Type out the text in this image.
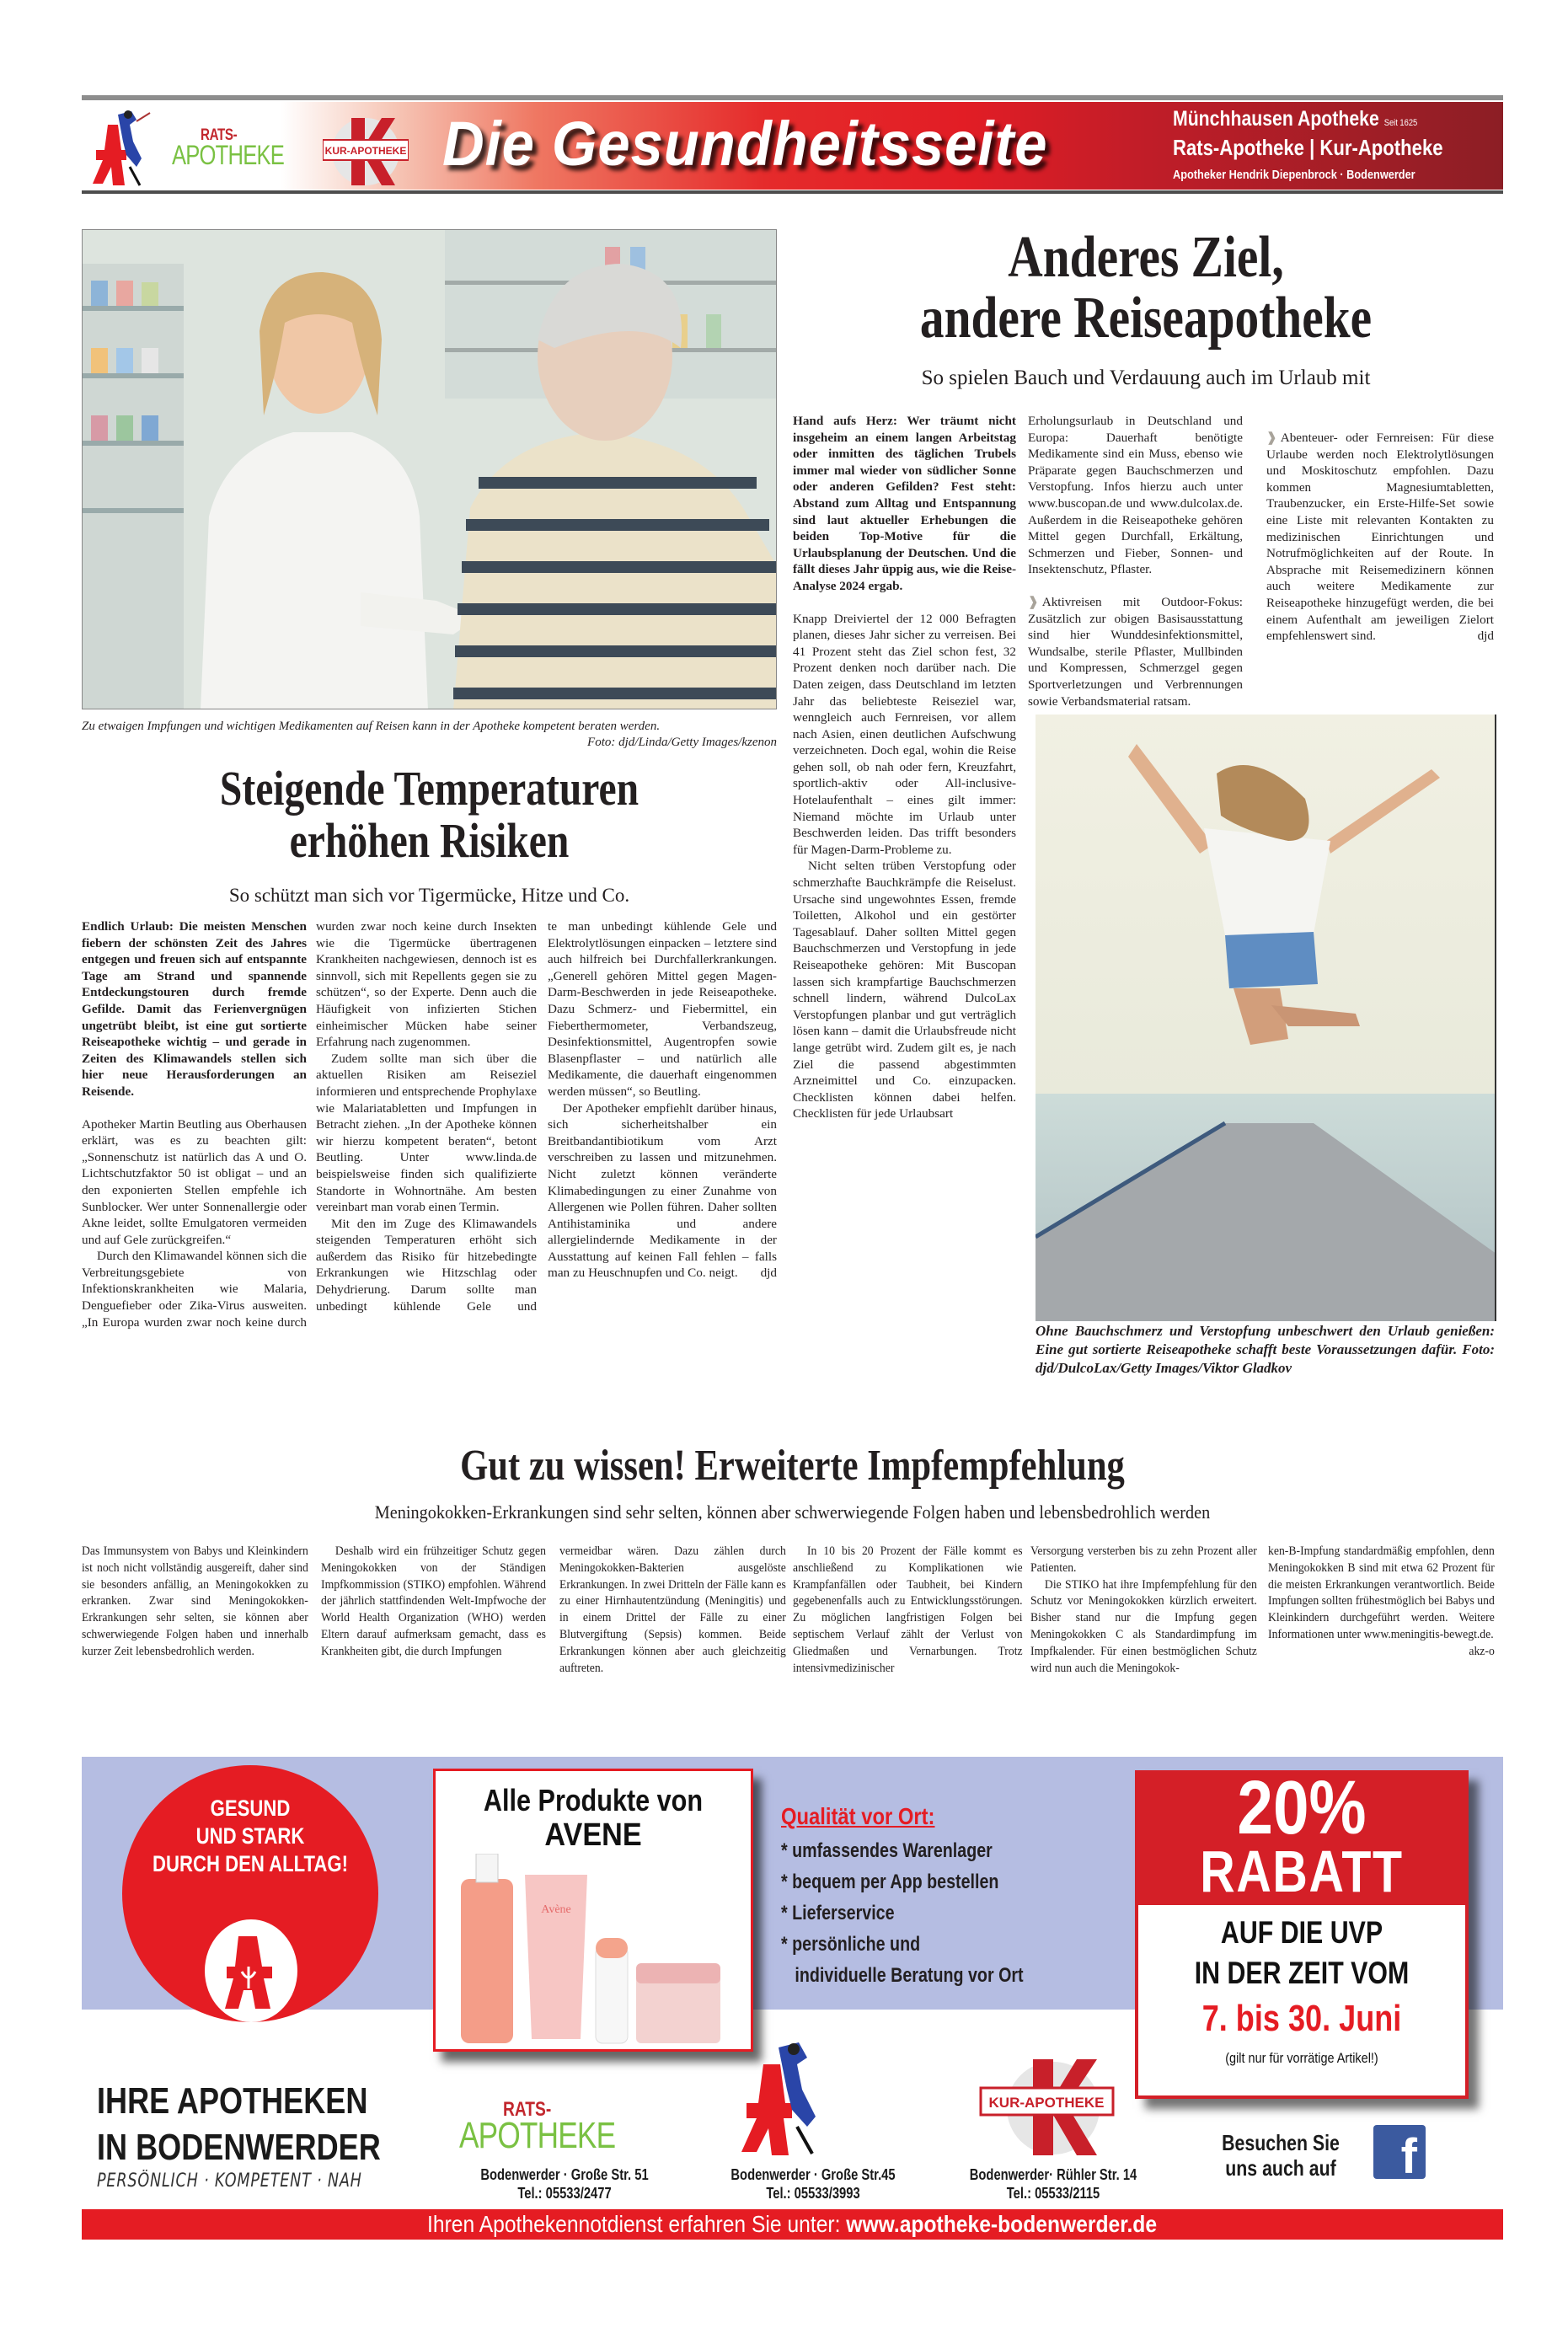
RATS-
APOTHEKE	KUR-APOTHEKE Die Gesundheitsseite	Münchhausen Apotheke Seit 1625
Rats-Apotheke | Kur-Apotheke
Apotheker Hendrik Diepenbrock · Bodenwerder
Zu etwaigen Impfungen und wichtigen Medikamenten auf Reisen kann in der Apotheke kompetent beraten werden.
Foto: djd/Linda/Getty Images/kzenon
Anderes Ziel,
andere Reiseapotheke
So spielen Bauch und Verdauung auch im Urlaub mit

Hand aufs Herz: Wer träumt nicht insgeheim an einem langen Arbeitstag oder inmitten des täglichen Trubels immer mal wieder von südlicher Sonne oder anderen Gefilden? Fest steht: Abstand zum Alltag und Entspannung sind laut aktueller Erhebungen die beiden Top-Motive für die Urlaubsplanung der Deutschen. Und die fällt dieses Jahr üppig aus, wie die Reise-Analyse 2024 ergab.

Knapp Dreiviertel der 12 000 Befragten planen, dieses Jahr sicher zu verreisen. Bei 41 Prozent steht das Ziel schon fest, 32 Prozent denken noch darüber nach. Die Daten zeigen, dass Deutschland im letzten Jahr das beliebteste Reiseziel war, wenngleich auch Fernreisen, vor allem nach Asien, einen deutlichen Aufschwung verzeichneten. Doch egal, wohin die Reise gehen soll, ob nah oder fern, Kreuzfahrt, sportlich-aktiv oder All-inclusive-Hotelaufenthalt – eines gilt immer: Niemand möchte im Urlaub unter Beschwerden leiden. Das trifft besonders für Magen-Darm-Probleme zu.

Nicht selten trüben Verstopfung oder schmerzhafte Bauchkrämpfe die Reiselust. Ursache sind ungewohntes Essen, fremde Toiletten, Alkohol und ein gestörter Tagesablauf. Daher sollten Mittel gegen Bauchschmerzen und Verstopfung in jede Reiseapotheke gehören: Mit Buscopan lassen sich krampfartige Bauchschmerzen schnell lindern, während DulcoLax Verstopfungen planbar und gut verträglich lösen kann – damit die Urlaubsfreude nicht lange getrübt wird. Zudem gilt es, je nach Ziel die passend abgestimmten Arzneimittel und Co. einzupacken. Checklisten können dabei helfen. Checklisten für jede Urlaubsart

Erholungsurlaub in Deutschland und Europa: Dauerhaft benötigte Medikamente sind ein Muss, ebenso wie Präparate gegen Bauchschmerzen und Verstopfung. Infos hierzu auch unter www.buscopan.de und www.dulcolax.de. Außerdem in die Reiseapotheke gehören Mittel gegen Durchfall, Erkältung, Schmerzen und Fieber, Sonnen- und Insektenschutz, Pflaster.

❱ Aktivreisen mit Outdoor-Fokus: Zusätzlich zur obigen Basisausstattung sind hier Wunddesinfektionsmittel, Wundsalbe, sterile Pflaster, Mullbinden und Kompressen, Schmerzgel gegen Sportverletzungen und Verbrennungen sowie Verbandsmaterial ratsam.

❱ Abenteuer- oder Fernreisen: Für diese Urlaube werden noch Elektrolytlösungen und Moskitoschutz empfohlen. Dazu kommen Magnesiumtabletten, Traubenzucker, ein Erste-Hilfe-Set sowie eine Liste mit relevanten Kontakten zu medizinischen Einrichtungen und Notrufmöglichkeiten auf der Route. In Absprache mit Reisemedizinern können auch weitere Medikamente zur Reiseapotheke hinzugefügt werden, die bei einem Aufenthalt am jeweiligen Zielort empfehlenswert sind.	djd

Ohne Bauchschmerz und Verstopfung unbeschwert den Urlaub genießen: Eine gut sortierte Reiseapotheke schafft beste Voraussetzungen dafür. Foto: djd/DulcoLax/Getty Images/Viktor Gladkov
Steigende Temperaturen
erhöhen Risiken
So schützt man sich vor Tigermücke, Hitze und Co.

Endlich Urlaub: Die meisten Menschen fiebern der schönsten Zeit des Jahres entgegen und freuen sich auf entspannte Tage am Strand und spannende Entdeckungstouren durch fremde Gefilde. Damit das Ferienvergnügen ungetrübt bleibt, ist eine gut sortierte Reiseapotheke wichtig – und gerade in Zeiten des Klimawandels stellen sich hier neue Herausforderungen an Reisende.

Apotheker Martin Beutling aus Oberhausen erklärt, was es zu beachten gilt: „Sonnenschutz ist natürlich das A und O. Lichtschutzfaktor 50 ist obligat – und an den exponierten Stellen empfehle ich Sunblocker. Wer unter Sonnenallergie oder Akne leidet, sollte Emulgatoren vermeiden und auf Gele zurückgreifen.“

Durch den Klimawandel können sich die Verbreitungsgebiete von Infektionskrankheiten wie Malaria, Denguefieber oder Zika-Virus ausweiten. „In Europa wurden zwar noch keine durch

wurden zwar noch keine durch Insekten wie die Tigermücke übertragenen Krankheiten nachgewiesen, dennoch ist es sinnvoll, sich mit Repellents gegen sie zu schützen“, so der Experte. Denn auch die Häufigkeit von infizierten Stichen einheimischer Mücken habe seiner Erfahrung nach zugenommen.

Zudem sollte man sich über die aktuellen Risiken am Reiseziel informieren und entsprechende Prophylaxe wie Malariatabletten und Impfungen in Betracht ziehen. „In der Apotheke können wir hierzu kompetent beraten“, betont Beutling. Unter www.linda.de beispielsweise finden sich qualifizierte Standorte in Wohnortnähe. Am besten vereinbart man vorab einen Termin.

Mit den im Zuge des Klimawandels steigenden Temperaturen erhöht sich außerdem das Risiko für hitzebedingte Erkrankungen wie Hitzschlag oder Dehydrierung. Darum sollte man unbedingt kühlende Gele und

te man unbedingt kühlende Gele und Elektrolytlösungen einpacken – letztere sind auch hilfreich bei Durchfallerkrankungen. „Generell gehören Mittel gegen Magen-Darm-Beschwerden in jede Reiseapotheke. Dazu Schmerz- und Fiebermittel, ein Fieberthermometer, Verbandszeug, Desinfektionsmittel, Augentropfen sowie Blasenpflaster – und natürlich alle Medikamente, die dauerhaft eingenommen werden müssen“, so Beutling.

Der Apotheker empfiehlt darüber hinaus, sich sicherheitshalber ein Breitbandantibiotikum vom Arzt verschreiben zu lassen und mitzunehmen. Nicht zuletzt können veränderte Klimabedingungen zu einer Zunahme von Allergenen wie Pollen führen. Daher sollten Antihistaminika und andere allergielindernde Medikamente in der Ausstattung auf keinen Fall fehlen – falls man zu Heuschnupfen und Co. neigt.	djd

Gut zu wissen! Erweiterte Impfempfehlung
Meningokokken-Erkrankungen sind sehr selten, können aber schwerwiegende Folgen haben und lebensbedrohlich werden

Das Immunsystem von Babys und Kleinkindern ist noch nicht vollständig ausgereift, daher sind sie besonders anfällig, an Meningokokken zu erkranken. Zwar sind Meningokokken-Erkrankungen sehr selten, sie können aber schwerwiegende Folgen haben und innerhalb kurzer Zeit lebensbedrohlich werden.

Deshalb wird ein frühzeitiger Schutz gegen Meningokokken von der Ständigen Impfkommission (STIKO) empfohlen. Während der jährlich stattfindenden Welt-Impfwoche der World Health Organization (WHO) werden Eltern darauf aufmerksam gemacht, dass es Krankheiten gibt, die durch Impfungen

vermeidbar wären. Dazu zählen durch Meningokokken-Bakterien ausgelöste Erkrankungen. In zwei Dritteln der Fälle kann es zu einer Hirnhautentzündung (Meningitis) und in einem Drittel der Fälle zu einer Blutvergiftung (Sepsis) kommen. Beide Erkrankungen können aber auch gleichzeitig auftreten.

In 10 bis 20 Prozent der Fälle kommt es anschließend zu Komplikationen wie Krampfanfällen oder Taubheit, bei Kindern gegebenenfalls auch zu Entwicklungsstörungen. Zu möglichen langfristigen Folgen bei septischem Verlauf zählt der Verlust von Gliedmaßen und Vernarbungen. Trotz intensivmedizinischer

Versorgung versterben bis zu zehn Prozent aller Patienten.

Die STIKO hat ihre Impfempfehlung für den Schutz vor Meningokokken kürzlich erweitert. Bisher stand nur die Impfung gegen Meningokokken C als Standardimpfung im Impfkalender. Für einen bestmöglichen Schutz wird nun auch die Meningokok-

ken-B-Impfung standardmäßig empfohlen, denn Meningokokken B sind mit etwa 62 Prozent für die meisten Erkrankungen verantwortlich. Beide Impfungen sollten frühestmöglich bei Babys und Kleinkindern durchgeführt werden. Weitere Informationen unter www.meningitis-bewegt.de.
akz-o

GESUND
UND STARK
DURCH DEN ALLTAG!
Alle Produkte von
AVENE
Avène
Qualität vor Ort:
* umfassendes Warenlager
* bequem per App bestellen
* Lieferservice
* persönliche und
individuelle Beratung vor Ort
20%
RABATT
AUF DIE UVP
IN DER ZEIT VOM
7. bis 30. Juni
(gilt nur für vorrätige Artikel!)
IHRE APOTHEKEN
IN BODENWERDER
PERSÖNLICH · KOMPETENT · NAH
RATS-
APOTHEKE
Bodenwerder · Große Str. 51
Tel.: 05533/2477
Bodenwerder · Große Str.45
Tel.: 05533/3993
KUR-APOTHEKE
Bodenwerder· Rühler Str. 14
Tel.: 05533/2115
Besuchen Sie
uns auch auf	f
Ihren Apothekennotdienst erfahren Sie unter: www.apotheke-bodenwerder.de
